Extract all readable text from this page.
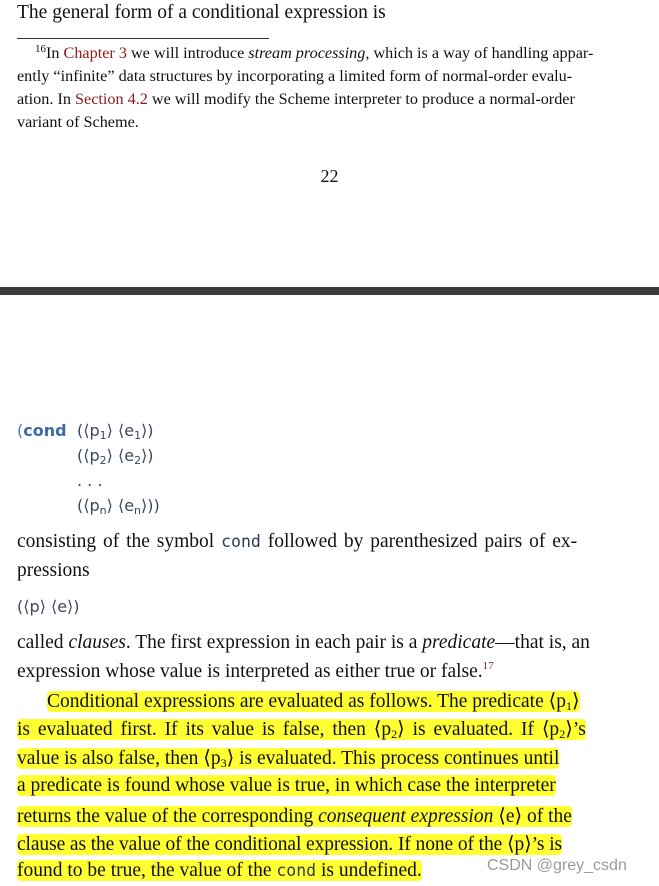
The general form of a conditional expression is
$^{16}$In Chapter 3 we will introduce stream processing, which is a way of handling appar-
ently “infinite” data structures by incorporating a limited form of normal-order evalu-
ation. In Section 4.2 we will modify the Scheme interpreter to produce a normal-order
variant of Scheme.
22
(cond ($⟨p_1⟩$ $⟨e_1⟩$)
($⟨p_2⟩$ $⟨e_2⟩$)
. . .
($⟨p_n⟩$ $⟨e_n⟩$))
consisting of the symbol cond followed by parenthesized pairs of ex-
pressions
(⟨p⟩ ⟨e⟩)
called clauses. The first expression in each pair is a predicate—that is, an
expression whose value is interpreted as either true or false.$^{17}$
Conditional expressions are evaluated as follows. The predicate ⟨p1⟩
is evaluated first. If its value is false, then ⟨p2⟩ is evaluated. If ⟨p2⟩’s
value is also false, then ⟨p3⟩ is evaluated. This process continues until
a predicate is found whose value is true, in which case the interpreter
returns the value of the corresponding consequent expression ⟨e⟩ of the
clause as the value of the conditional expression. If none of the ⟨p⟩’s is
found to be true, the value of the cond is undefined.	CSDN @grey_csdn
